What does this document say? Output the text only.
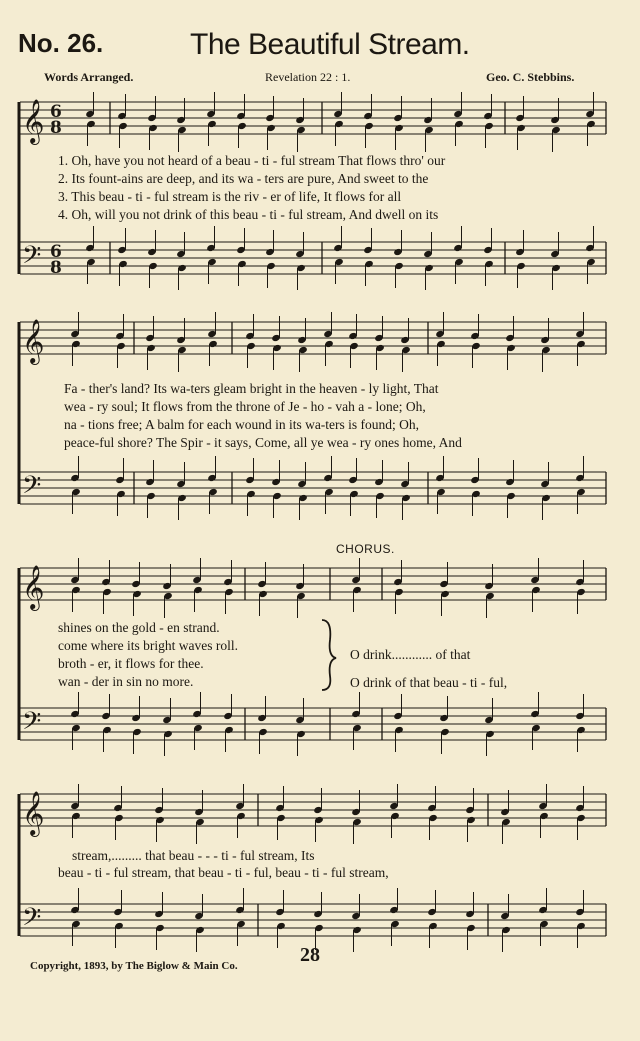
No. 26.	The Beautiful Stream.
Words Arranged.	Revelation 22 : 1.	Geo. C. Stebbins.
𝄞
𝄢
6
8
6
8
𝄞
𝄢
𝄞
𝄢
𝄞
𝄢
1. Oh, have you not heard of a beau - ti - ful stream That flows thro' our
2. Its fount-ains are deep, and its wa - ters are pure, And sweet to the
3. This beau - ti - ful stream is the riv - er of life, It flows for all
4. Oh, will you not drink of this beau - ti - ful stream, And dwell on its
Fa - ther's land? Its wa-ters gleam bright in the heaven - ly light, That
wea - ry soul; It flows from the throne of Je - ho - vah a - lone; Oh,
na - tions free; A balm for each wound in its wa-ters is found; Oh,
peace-ful shore? The Spir - it says, Come, all ye wea - ry ones home, And
CHORUS.
shines on the gold - en strand.
come where its bright waves roll.
broth - er, it flows for thee.
wan - der in sin no more.
O drink............ of that
O drink of that beau - ti - ful,
stream,......... that beau - - - ti - ful stream, Its
beau - ti - ful stream, that beau - ti - ful, beau - ti - ful stream,
28
Copyright, 1893, by The Biglow & Main Co.
